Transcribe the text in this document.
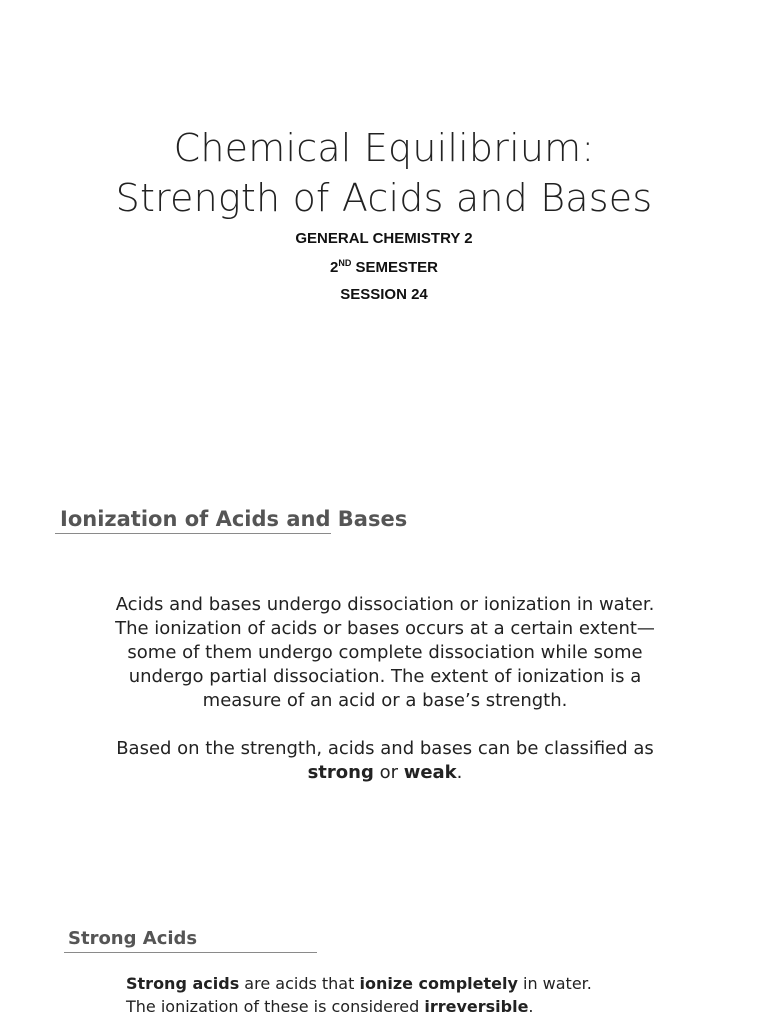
Chemical Equilibrium:
Strength of Acids and Bases
GENERAL CHEMISTRY 2
2ND SEMESTER
SESSION 24
Ionization of Acids and Bases

Acids and bases undergo dissociation or ionization in water. The ionization of acids or bases occurs at a certain extent—some of them undergo complete dissociation while some undergo partial dissociation. The extent of ionization is a measure of an acid or a base’s strength.

Based on the strength, acids and bases can be classified as strong or weak.

Strong Acids

Strong acids are acids that ionize completely in water.

The ionization of these is considered irreversible.
